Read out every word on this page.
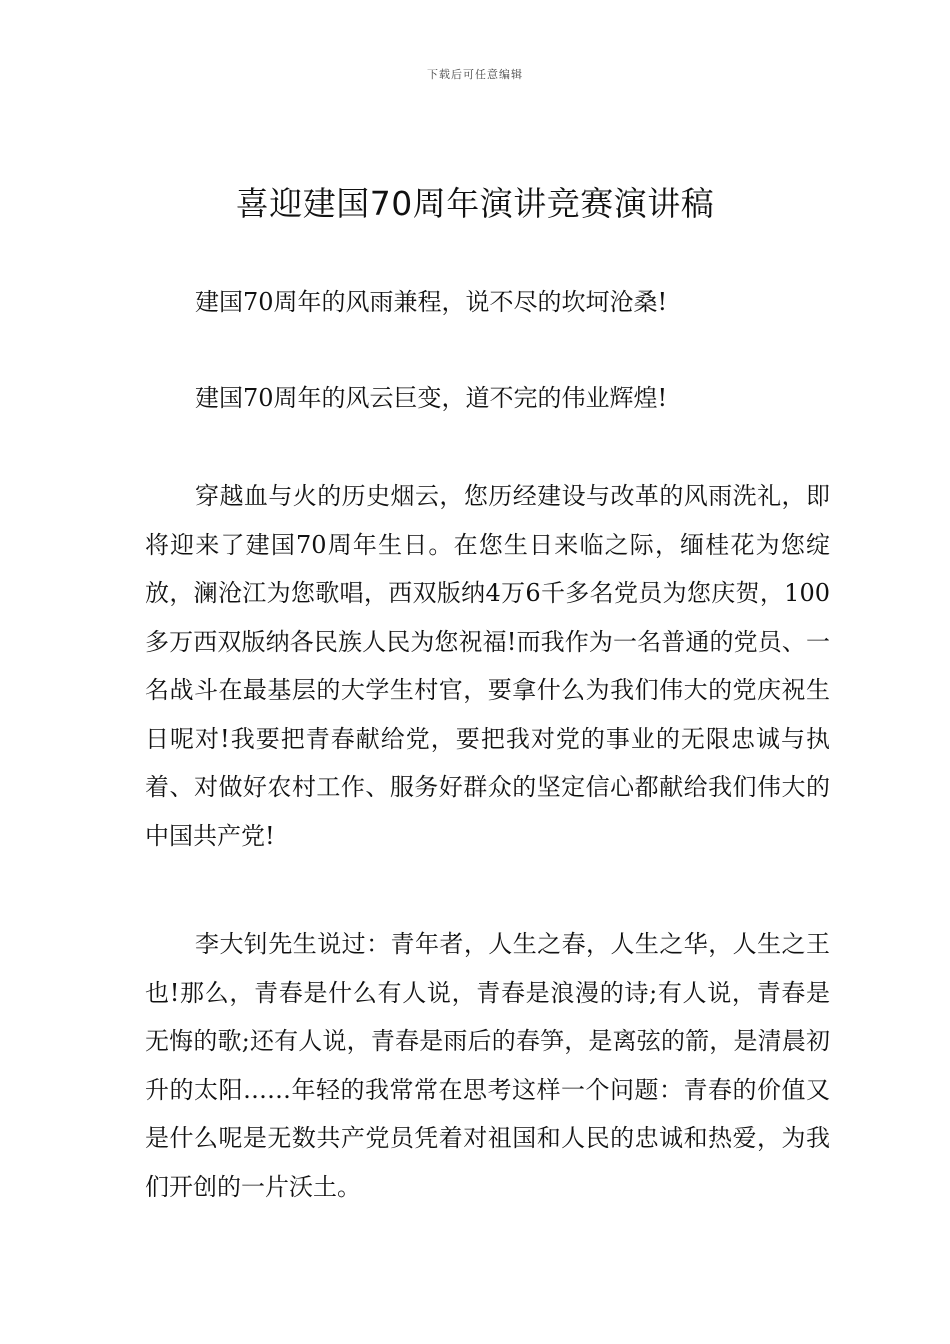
下载后可任意编辑
喜迎建国70周年演讲竞赛演讲稿

建国70周年的风雨兼程，说不尽的坎坷沧桑!

建国70周年的风云巨变，道不完的伟业辉煌!

穿越血与火的历史烟云，您历经建设与改革的风雨洗礼，即将迎来了建国70周年生日。在您生日来临之际，缅桂花为您绽放，澜沧江为您歌唱，西双版纳4万6千多名党员为您庆贺，100多万西双版纳各民族人民为您祝福!而我作为一名普通的党员、一名战斗在最基层的大学生村官，要拿什么为我们伟大的党庆祝生日呢对!我要把青春献给党，要把我对党的事业的无限忠诚与执着、对做好农村工作、服务好群众的坚定信心都献给我们伟大的中国共产党!

李大钊先生说过：青年者，人生之春，人生之华，人生之王也!那么，青春是什么有人说，青春是浪漫的诗;有人说，青春是无悔的歌;还有人说，青春是雨后的春笋，是离弦的箭，是清晨初升的太阳……年轻的我常常在思考这样一个问题：青春的价值又是什么呢是无数共产党员凭着对祖国和人民的忠诚和热爱，为我们开创的一片沃土。
